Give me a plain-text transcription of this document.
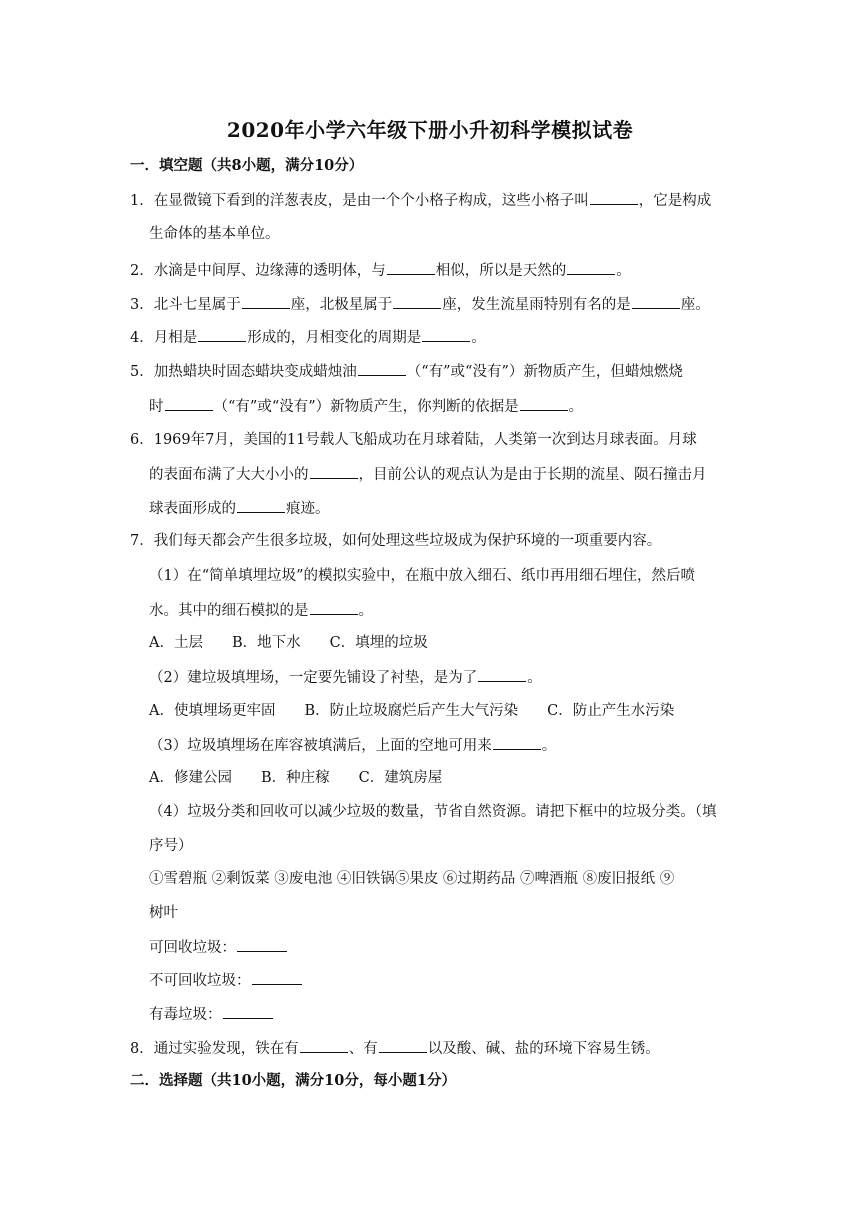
2020年小学六年级下册小升初科学模拟试卷
一．填空题（共8小题，满分10分）
1．在显微镜下看到的洋葱表皮，是由一个个小格子构成，这些小格子叫	，它是构成
生命体的基本单位。
2．水滴是中间厚、边缘薄的透明体，与	相似，所以是天然的	。
3．北斗七星属于	座，北极星属于	座，发生流星雨特别有名的是	座。
4．月相是	形成的，月相变化的周期是	。
5．加热蜡块时固态蜡块变成蜡烛油	（“有”或“没有”）新物质产生，但蜡烛燃烧
时	（“有”或“没有”）新物质产生，你判断的依据是	。
6．1969年7月，美国的11号载人飞船成功在月球着陆，人类第一次到达月球表面。月球
的表面布满了大大小小的	，目前公认的观点认为是由于长期的流星、陨石撞击月
球表面形成的	痕迹。
7．我们每天都会产生很多垃圾，如何处理这些垃圾成为保护环境的一项重要内容。
（1）在“简单填埋垃圾”的模拟实验中，在瓶中放入细石、纸巾再用细石埋住，然后喷
水。其中的细石模拟的是	。
A．土层　　B．地下水　　C．填埋的垃圾
（2）建垃圾填埋场，一定要先铺设了衬垫，是为了	。
A．使填埋场更牢固　　B．防止垃圾腐烂后产生大气污染　　C．防止产生水污染
（3）垃圾填埋场在库容被填满后，上面的空地可用来	。
A．修建公园　　B．种庄稼　　C．建筑房屋
（4）垃圾分类和回收可以减少垃圾的数量，节省自然资源。请把下框中的垃圾分类。（填
序号）
①雪碧瓶 ②剩饭菜 ③废电池 ④旧铁锅⑤果皮 ⑥过期药品 ⑦啤酒瓶 ⑧废旧报纸 ⑨
树叶
可回收垃圾：
不可回收垃圾：
有毒垃圾：
8．通过实验发现，铁在有	、有	以及酸、碱、盐的环境下容易生锈。
二．选择题（共10小题，满分10分，每小题1分）
